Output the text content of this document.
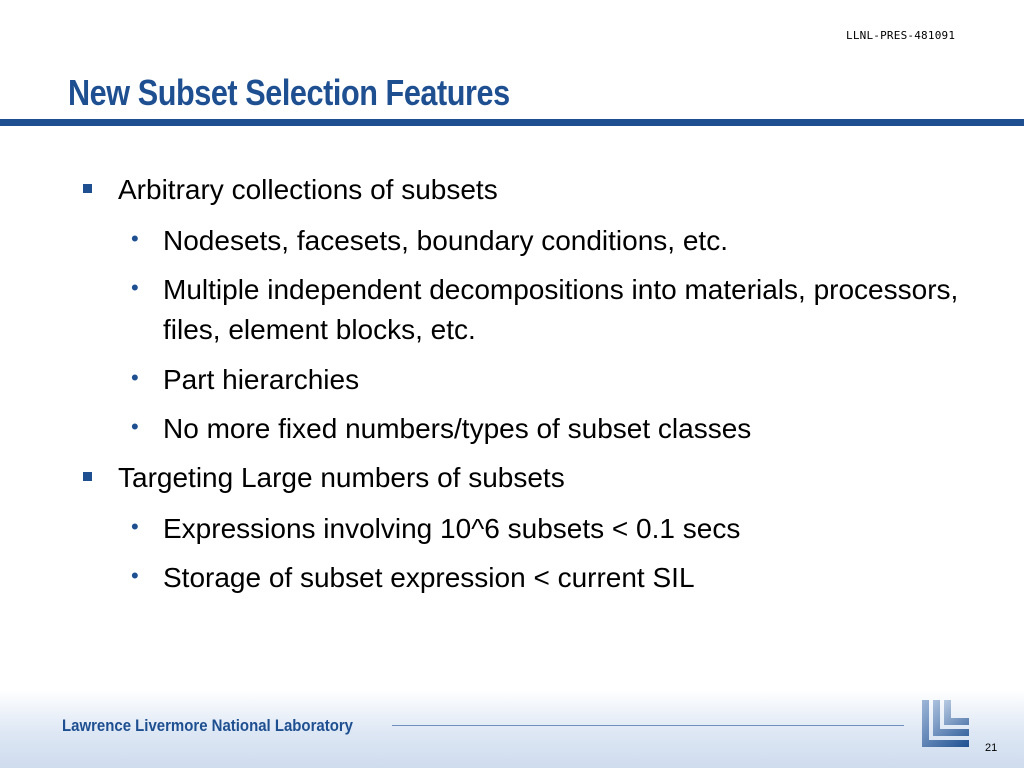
LLNL-PRES-481091
New Subset Selection Features
Arbitrary collections of subsets
• Nodesets, facesets, boundary conditions, etc.
• Multiple independent decompositions into materials, processors, files, element blocks, etc.
• Part hierarchies
• No more fixed numbers/types of subset classes
Targeting Large numbers of subsets
• Expressions involving 10^6 subsets < 0.1 secs
• Storage of subset expression < current SIL
Lawrence Livermore National Laboratory
21
